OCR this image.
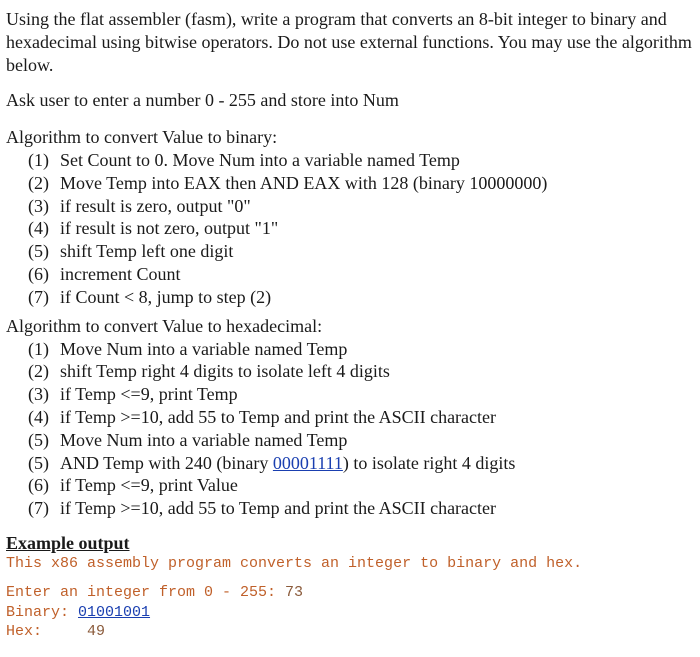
Using the flat assembler (fasm), write a program that converts an 8-bit integer to binary and hexadecimal using bitwise operators. Do not use external functions. You may use the algorithm below.

Ask user to enter a number 0 - 255 and store into Num

Algorithm to convert Value to binary:

(1) Set Count to 0. Move Num into a variable named Temp
(2) Move Temp into EAX then AND EAX with 128 (binary 10000000)
(3) if result is zero, output "0"
(4) if result is not zero, output "1"
(5) shift Temp left one digit
(6) increment Count
(7) if Count < 8, jump to step (2)

Algorithm to convert Value to hexadecimal:

(1) Move Num into a variable named Temp
(2) shift Temp right 4 digits to isolate left 4 digits
(3) if Temp <=9, print Temp
(4) if Temp >=10, add 55 to Temp and print the ASCII character
(5) Move Num into a variable named Temp
(5) AND Temp with 240 (binary 00001111) to isolate right 4 digits
(6) if Temp <=9, print Value
(7) if Temp >=10, add 55 to Temp and print the ASCII character

Example output

This x86 assembly program converts an integer to binary and hex.

Enter an integer from 0 - 255: 73

Binary: 01001001

Hex:     49
